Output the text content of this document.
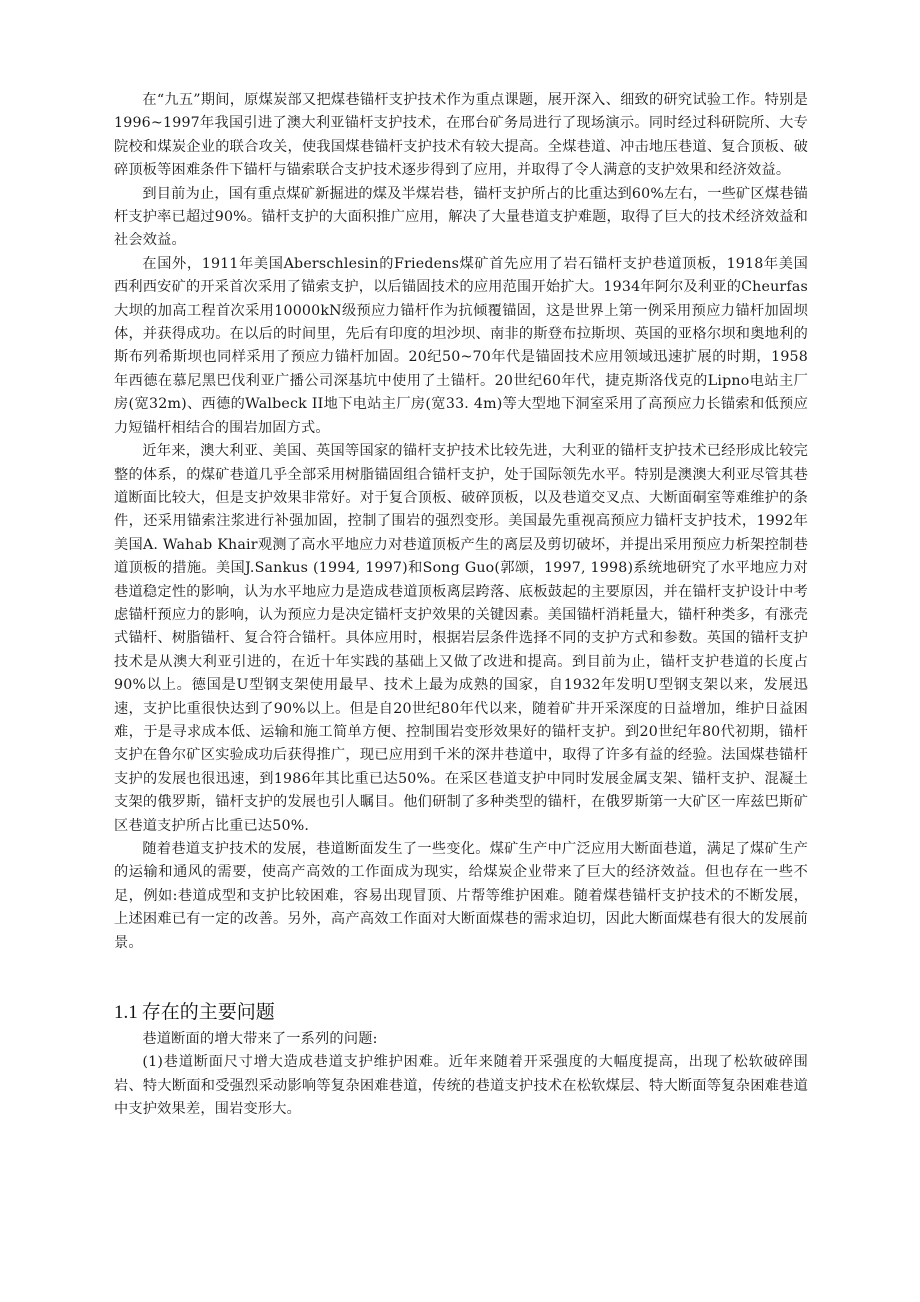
在“九五”期间，原煤炭部又把煤巷锚杆支护技术作为重点课题，展开深入、细致的研究试验工作。特别是1996~1997年我国引进了澳大利亚锚杆支护技术，在邢台矿务局进行了现场演示。同时经过科研院所、大专院校和煤炭企业的联合攻关，使我国煤巷锚杆支护技术有较大提高。全煤巷道、冲击地压巷道、复合顶板、破碎顶板等困难条件下锚杆与锚索联合支护技术逐步得到了应用，并取得了令人满意的支护效果和经济效益。

到目前为止，国有重点煤矿新掘进的煤及半煤岩巷，锚杆支护所占的比重达到60%左右，一些矿区煤巷锚杆支护率已超过90%。锚杆支护的大面积推广应用，解决了大量巷道支护难题，取得了巨大的技术经济效益和社会效益。

在国外，1911年美国Aberschlesin的Friedens煤矿首先应用了岩石锚杆支护巷道顶板，1918年美国西利西安矿的开采首次采用了锚索支护，以后锚固技术的应用范围开始扩大。1934年阿尔及利亚的Cheurfas大坝的加高工程首次采用10000kN级预应力锚杆作为抗倾覆锚固，这是世界上第一例采用预应力锚杆加固坝体，并获得成功。在以后的时间里，先后有印度的坦沙坝、南非的斯登布拉斯坝、英国的亚格尔坝和奥地利的斯布列希斯坝也同样采用了预应力锚杆加固。20纪50~70年代是锚固技术应用领域迅速扩展的时期，1958年西德在慕尼黑巴伐利亚广播公司深基坑中使用了土锚杆。20世纪60年代，捷克斯洛伐克的Lipno电站主厂房(宽32m)、西德的Walbeck II地下电站主厂房(宽33. 4m)等大型地下洞室采用了高预应力长锚索和低预应力短锚杆相结合的围岩加固方式。

近年来，澳大利亚、美国、英国等国家的锚杆支护技术比较先进，大利亚的锚杆支护技术已经形成比较完整的体系，的煤矿巷道几乎全部采用树脂锚固组合锚杆支护，处于国际领先水平。特别是澳澳大利亚尽管其巷道断面比较大，但是支护效果非常好。对于复合顶板、破碎顶板，以及巷道交叉点、大断面硐室等难维护的条件，还采用锚索注浆进行补强加固，控制了围岩的强烈变形。美国最先重视高预应力锚杆支护技术，1992年美国A. Wahab Khair观测了高水平地应力对巷道顶板产生的离层及剪切破坏，并提出采用预应力析架控制巷道顶板的措施。美国J.Sankus (1994, 1997)和Song Guo(郭颂，1997, 1998)系统地研究了水平地应力对巷道稳定性的影响，认为水平地应力是造成巷道顶板离层跨落、底板鼓起的主要原因，并在锚杆支护设计中考虑锚杆预应力的影响，认为预应力是决定锚杆支护效果的关键因素。美国锚杆消耗量大，锚杆种类多，有涨壳式锚杆、树脂锚杆、复合符合锚杆。具体应用时，根据岩层条件选择不同的支护方式和参数。英国的锚杆支护技术是从澳大利亚引进的，在近十年实践的基础上又做了改进和提高。到目前为止，锚杆支护巷道的长度占90%以上。德国是U型钢支架使用最早、技术上最为成熟的国家，自1932年发明U型钢支架以来，发展迅速，支护比重很快达到了90%以上。但是自20世纪80年代以来，随着矿井开采深度的日益增加，维护日益困难，于是寻求成本低、运输和施工简单方便、控制围岩变形效果好的锚杆支护。到20世纪年80代初期，锚杆支护在鲁尔矿区实验成功后获得推广，现已应用到千米的深井巷道中，取得了许多有益的经验。法国煤巷锚杆支护的发展也很迅速，到1986年其比重已达50%。在采区巷道支护中同时发展金属支架、锚杆支护、混凝土支架的俄罗斯，锚杆支护的发展也引人瞩目。他们研制了多种类型的锚杆，在俄罗斯第一大矿区一库兹巴斯矿区巷道支护所占比重已达50%.

随着巷道支护技术的发展，巷道断面发生了一些变化。煤矿生产中广泛应用大断面巷道，满足了煤矿生产的运输和通风的需要，使高产高效的工作面成为现实，给煤炭企业带来了巨大的经济效益。但也存在一些不足，例如:巷道成型和支护比较困难，容易出现冒顶、片帮等维护困难。随着煤巷锚杆支护技术的不断发展，上述困难已有一定的改善。另外，高产高效工作面对大断面煤巷的需求迫切，因此大断面煤巷有很大的发展前景。

1.1 存在的主要问题

巷道断面的增大带来了一系列的问题:

(1)巷道断面尺寸增大造成巷道支护维护困难。近年来随着开采强度的大幅度提高，出现了松软破碎围岩、特大断面和受强烈采动影响等复杂困难巷道，传统的巷道支护技术在松软煤层、特大断面等复杂困难巷道中支护效果差，围岩变形大。
